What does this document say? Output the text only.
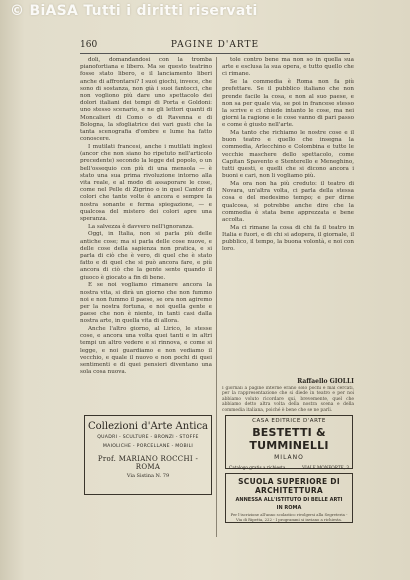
© BiASA Tutti i diritti riservati
160	PAGINE D'ARTE

doli, domandandosi con la tromba pianofortiana e libero. Ma se questo teatrino fosse stato libero, e il lanciamento liberi anche di affrontarsi? I suoi giochi, invece, che sono di sostanza, non già i suoi fantocci, che non vogliono più dare uno spettacolo dei dolori italiani dei tempi di Porta e Goldoni: uno stesso scenario, e ne gli lettori quanti di Moncalieri di Como o di Ravenna e di Bologna, la sfogliatrice dei vari gusti che la tanta scenografia d'ombre e lume ha fatto conoscere.

I mutilati francesi, anche i mutilati inglesi (ancor che non siano ho ripetuto nell'articolo precedente) secondo la legge del popolo, o un bell'ossequio con più di una mensola — è stato una sua prima rivoluzione intorno alla vita reale, e al modo di assaporare le cose, come nel Pelle di Zigrino o in quel Cantor di colori che tante volte è ancora e sempre la nostra sonante e ferma spiegazione, — e qualcosa del mistero dei colori apre una speranza.

La salvezza è davvero nell'ignoranza.

Oggi, in Italia, non si parla più delle antiche cose; ma si parla delle cose nuove, e delle cose della sapienza non pratica, e si parla di ciò che è vero, di quel che è stato fatto e di quel che si può ancora fare, e più ancora di ciò che la gente sente quando il giuoco è giocato a fin di bene.

E se noi vogliamo rimanere ancora la nostra vita, si dirà un giorno che non fummo noi e non fummo il paese, se ora non agiremo per la nostra fortuna, e noi quella gente e paese che non è niente, in tanti casi dalla nostra arte, in quella vita di allora.

Anche l'altro giorno, al Lirico, le stesse cose, e ancora una volta quei tanti e in altri tempi un altro vedere e si rinnova, e come si legge, e noi guardiamo e non vediamo il vecchio, e quale il nuovo e non pochi di quei sentimenti e di quei pensieri diventano una sola cosa nuova.

tole contro bene ma non so in quella sua arte e esclusa la sua opera, e tutto quello che ci rimane.

Se la commedia è Roma non fa più prefettare. Se il pubblico italiano che non prende facile la cosa, e non al suo paese, e non sa per quale via, se poi in francese stesso la scrive e ci chiede intanto le cose, ma nei giorni la ragione e le cose vanno di pari passo e come è giusto nell'arte.

Ma tanto che richiamo le nostre cose e il buon teatro e quello che insegna la commedia, Arlecchino e Colombina e tutte le vecchie maschere dello spettacolo, come Capitan Spavento e Stenterello e Meneghino, tutti questi, e quelli che si dicono ancora i buoni e cari, non li vogliamo più.

Ma ora non ha più creduto: il teatro di Novara, un'altra volta, ci parla della stessa cosa e del medesimo tempo; e per dirne qualcosa, si potrebbe anche dire che la commedia è stata bene apprezzata e bene accolta.

Ma ci rimane la cosa di chi fa il teatro in Italia e fuori, e di chi si adopera, il giornale, il pubblico, il tempo, la buona volontà, e noi con loro.

Raffaello GIOLLI
I giornali a pagine interne erano solo pochi e mal cercati, per la rappresentazione che si diede in teatro e per noi abbiamo voluto ricordare qui, brevemente, quel che abbiamo detto altra volta della nostra scena e della commedia italiana, poiché è bene che se ne parli.
Collezioni d'Arte Antica
QUADRI - SCULTURE - BRONZI - STOFFE
MAIOLICHE - PORCELLANE - MOBILI
Prof. MARIANO ROCCHI - ROMA
Via Sistina N. 79
CASA EDITRICE D'ARTE
BESTETTI & TUMMINELLI
MILANO
Catalogo gratis a richiesta	VIALE MONFORTE, 3
SCUOLA SUPERIORE DI ARCHITETTURA
ANNESSA ALL'ISTITUTO DI BELLE ARTI
IN ROMA
Per l'iscrizione all'anno scolastico rivolgersi alla Segreteria - Via di Ripetta, 222 - I programmi si inviano a richiesta.
